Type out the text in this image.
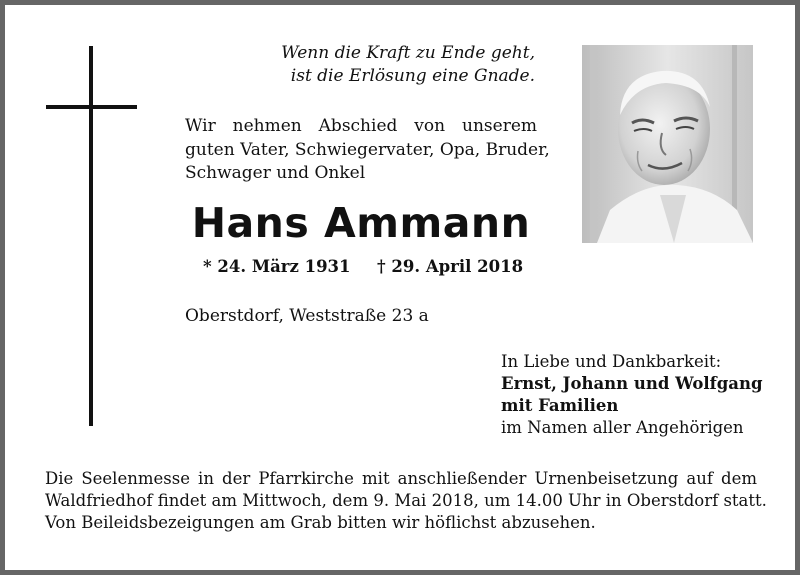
Wenn die Kraft zu Ende geht,
ist die Erlösung eine Gnade.
Wir nehmen Abschied von unserem
guten Vater, Schwiegervater, Opa, Bruder,
Schwager und Onkel
Hans Ammann
* 24. März 1931 † 29. April 2018
Oberstdorf, Weststraße 23 a
In Liebe und Dankbarkeit:
Ernst, Johann und Wolfgang
mit Familien
im Namen aller Angehörigen
Die Seelenmesse in der Pfarrkirche mit anschließender Urnenbeisetzung auf dem
Waldfriedhof findet am Mittwoch, dem 9. Mai 2018, um 14.00 Uhr in Oberstdorf statt.
Von Beileidsbezeigungen am Grab bitten wir höflichst abzusehen.
